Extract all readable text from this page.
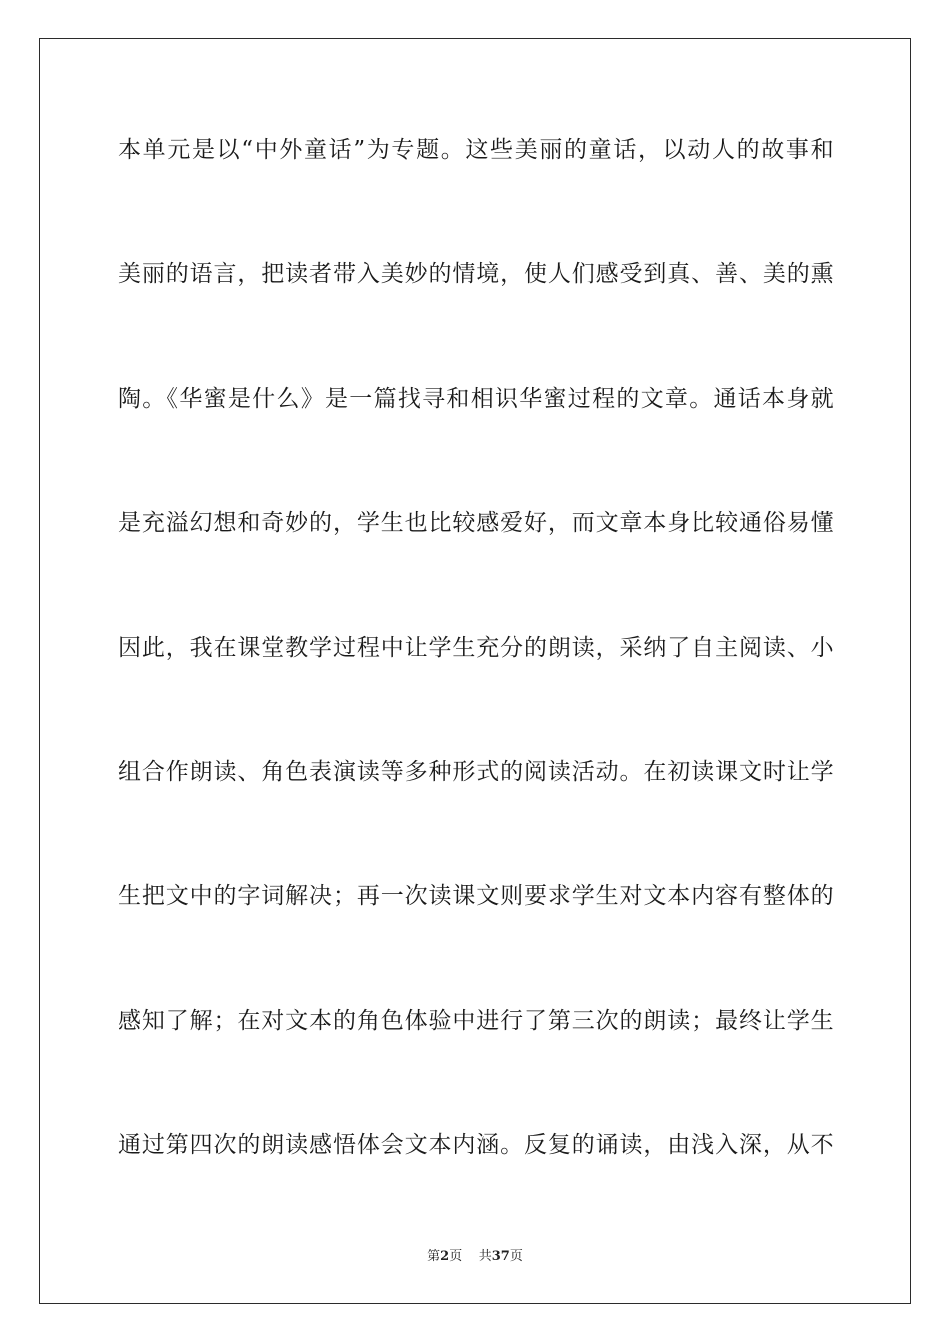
本单元是以“中外童话”为专题。这些美丽的童话，以动人的故事和
美丽的语言，把读者带入美妙的情境，使人们感受到真、善、美的熏
陶。《华蜜是什么》是一篇找寻和相识华蜜过程的文章。通话本身就
是充溢幻想和奇妙的，学生也比较感爱好，而文章本身比较通俗易懂
因此，我在课堂教学过程中让学生充分的朗读，采纳了自主阅读、小
组合作朗读、角色表演读等多种形式的阅读活动。在初读课文时让学
生把文中的字词解决；再一次读课文则要求学生对文本内容有整体的
感知了解；在对文本的角色体验中进行了第三次的朗读；最终让学生
通过第四次的朗读感悟体会文本内涵。反复的诵读，由浅入深，从不
第2页 共37页
